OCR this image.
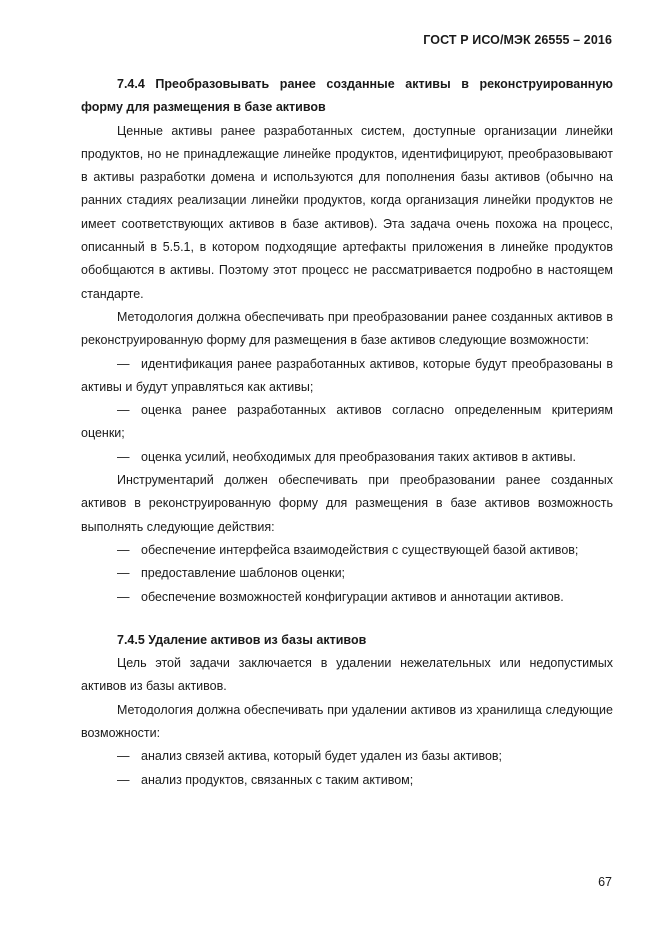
ГОСТ Р ИСО/МЭК 26555 – 2016

7.4.4 Преобразовывать ранее созданные активы в реконструированную форму для размещения в базе активов

Ценные активы ранее разработанных систем, доступные организации линейки продуктов, но не принадлежащие линейке продуктов, идентифицируют, преобразовывают в активы разработки домена и используются для пополнения базы активов (обычно на ранних стадиях реализации линейки продуктов, когда организация линейки продуктов не имеет соответствующих активов в базе активов). Эта задача очень похожа на процесс, описанный в 5.5.1, в котором подходящие артефакты приложения в линейке продуктов обобщаются в активы. Поэтому этот процесс не рассматривается подробно в настоящем стандарте.

Методология должна обеспечивать при преобразовании ранее созданных активов в реконструированную форму для размещения в базе активов следующие возможности:

— идентификация ранее разработанных активов, которые будут преобразованы в активы и будут управляться как активы;
— оценка ранее разработанных активов согласно определенным критериям оценки;
— оценка усилий, необходимых для преобразования таких активов в активы.

Инструментарий должен обеспечивать при преобразовании ранее созданных активов в реконструированную форму для размещения в базе активов возможность выполнять следующие действия:

— обеспечение интерфейса взаимодействия с существующей базой активов;
— предоставление шаблонов оценки;
— обеспечение возможностей конфигурации активов и аннотации активов.

7.4.5 Удаление активов из базы активов

Цель этой задачи заключается в удалении нежелательных или недопустимых активов из базы активов.

Методология должна обеспечивать при удалении активов из хранилища следующие возможности:

— анализ связей актива, который будет удален из базы активов;
— анализ продуктов, связанных с таким активом;
67
